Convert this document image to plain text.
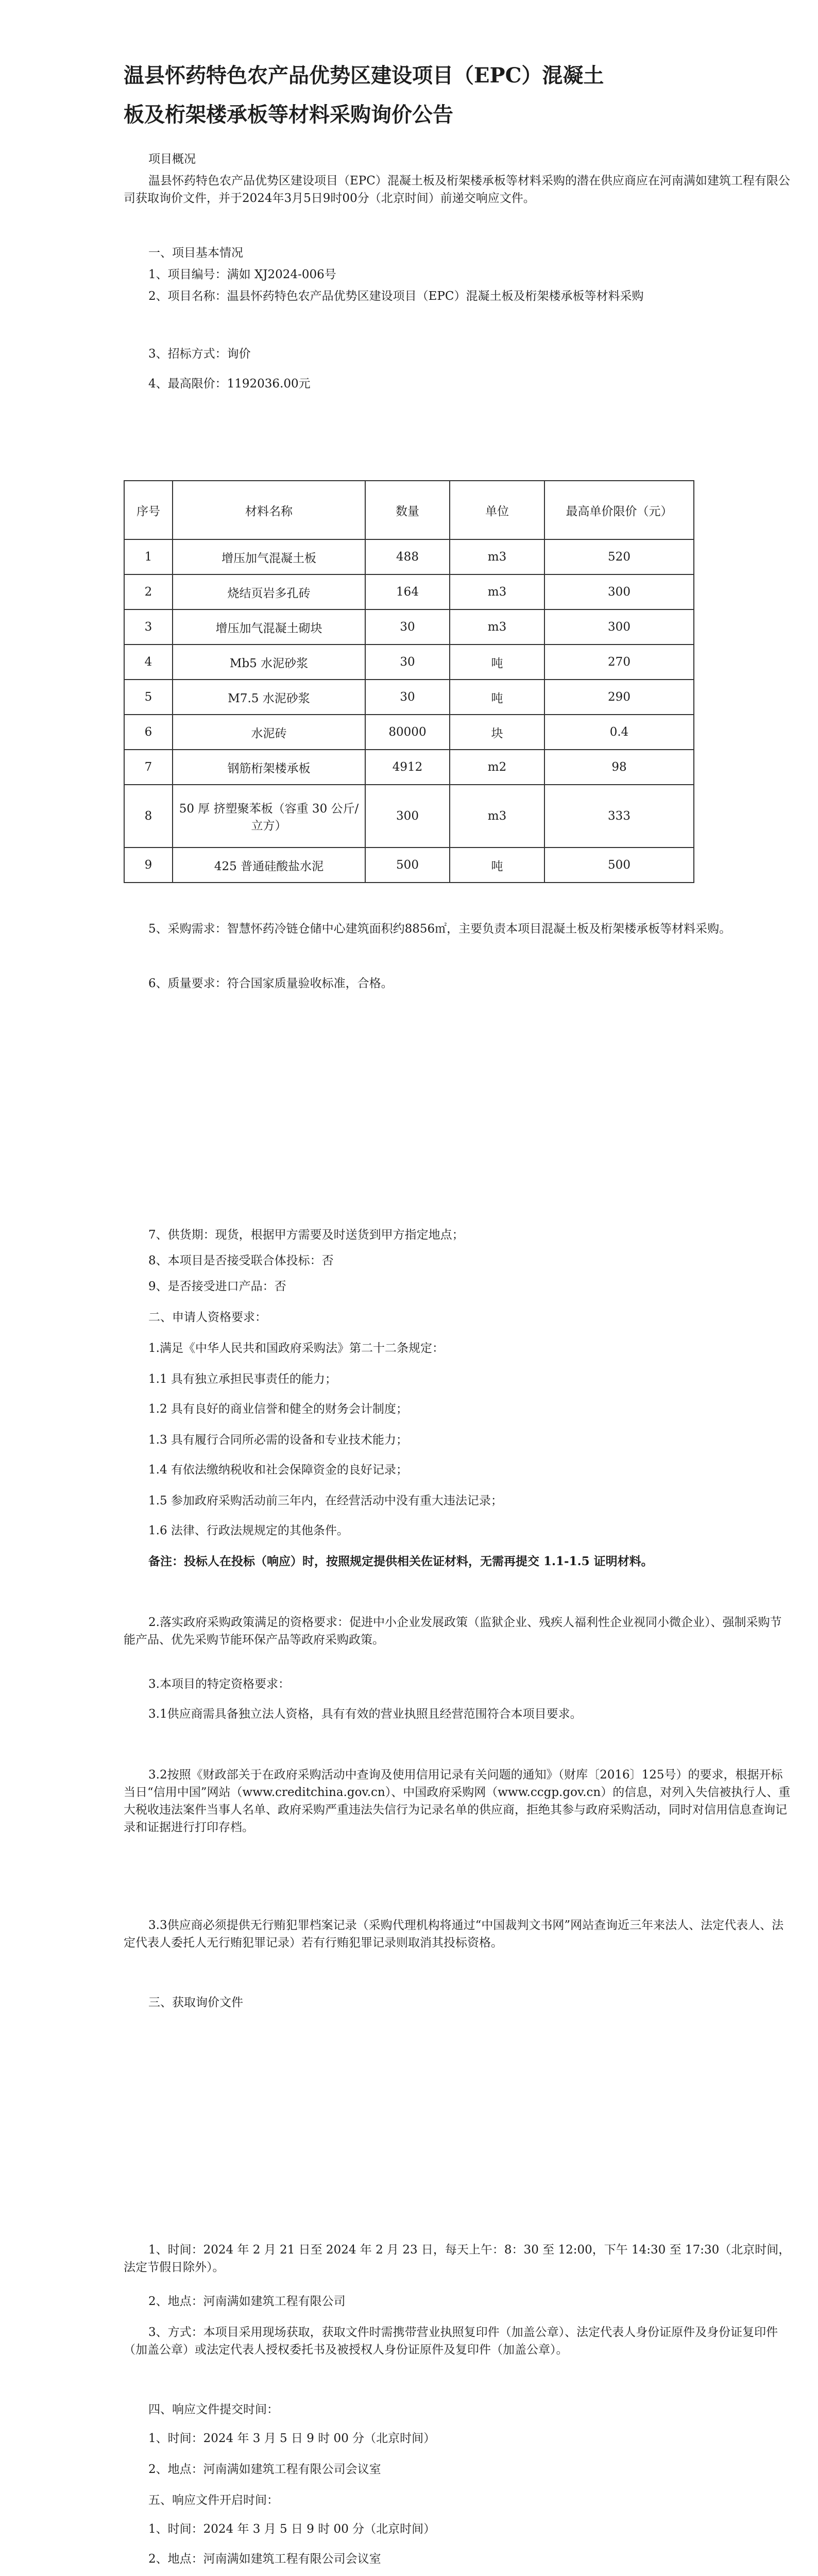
温县怀药特色农产品优势区建设项目（EPC）混凝土
板及桁架楼承板等材料采购询价公告

项目概况

温县怀药特色农产品优势区建设项目（EPC）混凝土板及桁架楼承板等材料采购的潜在供应商应在河南满如建筑工程有限公司获取询价文件，并于2024年3月5日9时00分（北京时间）前递交响应文件。

一、项目基本情况

1、项目编号：满如 XJ2024-006号

2、项目名称：温县怀药特色农产品优势区建设项目（EPC）混凝土板及桁架楼承板等材料采购

3、招标方式：询价

4、最高限价：1192036.00元

序号	材料名称	数量	单位	最高单价限价（元）
1	增压加气混凝土板	488	m3	520
2	烧结页岩多孔砖	164	m3	300
3	增压加气混凝土砌块	30	m3	300
4	Mb5 水泥砂浆	30	吨	270
5	M7.5 水泥砂浆	30	吨	290
6	水泥砖	80000	块	0.4
7	钢筋桁架楼承板	4912	m2	98
8	50 厚 挤塑聚苯板（容重 30 公斤/立方）	300	m3	333
9	425 普通硅酸盐水泥	500	吨	500

5、采购需求：智慧怀药冷链仓储中心建筑面积约8856㎡，主要负责本项目混凝土板及桁架楼承板等材料采购。

6、质量要求：符合国家质量验收标准，合格。

7、供货期：现货，根据甲方需要及时送货到甲方指定地点；

8、本项目是否接受联合体投标：否

9、是否接受进口产品：否

二、申请人资格要求：

1.满足《中华人民共和国政府采购法》第二十二条规定：

1.1 具有独立承担民事责任的能力；

1.2 具有良好的商业信誉和健全的财务会计制度；

1.3 具有履行合同所必需的设备和专业技术能力；

1.4 有依法缴纳税收和社会保障资金的良好记录；

1.5 参加政府采购活动前三年内，在经营活动中没有重大违法记录；

1.6 法律、行政法规规定的其他条件。

备注：投标人在投标（响应）时，按照规定提供相关佐证材料，无需再提交 1.1-1.5 证明材料。

2.落实政府采购政策满足的资格要求：促进中小企业发展政策（监狱企业、残疾人福利性企业视同小微企业）、强制采购节能产品、优先采购节能环保产品等政府采购政策。

3.本项目的特定资格要求：

3.1供应商需具备独立法人资格，具有有效的营业执照且经营范围符合本项目要求。

3.2按照《财政部关于在政府采购活动中查询及使用信用记录有关问题的通知》（财库〔2016〕125号）的要求，根据开标当日“信用中国”网站（www.creditchina.gov.cn）、中国政府采购网（www.ccgp.gov.cn）的信息，对列入失信被执行人、重大税收违法案件当事人名单、政府采购严重违法失信行为记录名单的供应商，拒绝其参与政府采购活动，同时对信用信息查询记录和证据进行打印存档。

3.3供应商必须提供无行贿犯罪档案记录（采购代理机构将通过“中国裁判文书网”网站查询近三年来法人、法定代表人、法定代表人委托人无行贿犯罪记录）若有行贿犯罪记录则取消其投标资格。

三、获取询价文件

1、时间：2024 年 2 月 21 日至 2024 年 2 月 23 日，每天上午：8：30 至 12:00，下午 14:30 至 17:30（北京时间，法定节假日除外）。

2、地点：河南满如建筑工程有限公司

3、方式：本项目采用现场获取，获取文件时需携带营业执照复印件（加盖公章）、法定代表人身份证原件及身份证复印件（加盖公章）或法定代表人授权委托书及被授权人身份证原件及复印件（加盖公章）。

四、响应文件提交时间：

1、时间：2024 年 3 月 5 日 9 时 00 分（北京时间）

2、地点：河南满如建筑工程有限公司会议室

五、响应文件开启时间：

1、时间：2024 年 3 月 5 日 9 时 00 分（北京时间）

2、地点：河南满如建筑工程有限公司会议室
